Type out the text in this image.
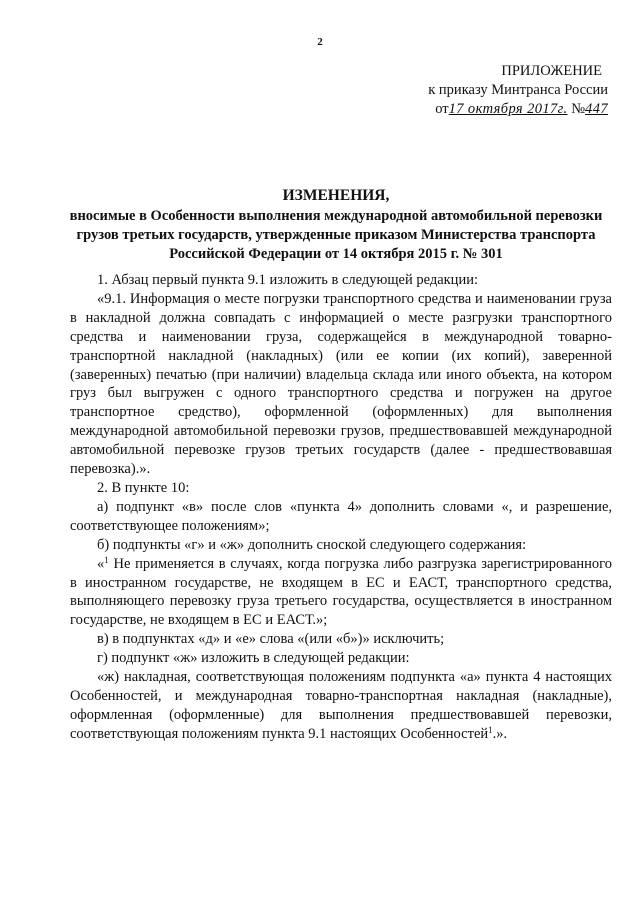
2
ПРИЛОЖЕНИЕ
к приказу Минтранса России
от17 октября 2017г. №447
ИЗМЕНЕНИЯ,
вносимые в Особенности выполнения международной автомобильной перевозки грузов третьих государств, утвержденные приказом Министерства транспорта Российской Федерации от 14 октября 2015 г. № 301

1. Абзац первый пункта 9.1 изложить в следующей редакции:

«9.1. Информация о месте погрузки транспортного средства и наименовании груза в накладной должна совпадать с информацией о месте разгрузки транспортного средства и наименовании груза, содержащейся в международной товарно-транспортной накладной (накладных) (или ее копии (их копий), заверенной (заверенных) печатью (при наличии) владельца склада или иного объекта, на котором груз был выгружен с одного транспортного средства и погружен на другое транспортное средство), оформленной (оформленных) для выполнения международной автомобильной перевозки грузов, предшествовавшей международной автомобильной перевозке грузов третьих государств (далее - предшествовавшая перевозка).».

2. В пункте 10:

а) подпункт «в» после слов «пункта 4» дополнить словами «, и разрешение, соответствующее положениям»;

б) подпункты «г» и «ж» дополнить сноской следующего содержания:

«$^1$ Не применяется в случаях, когда погрузка либо разгрузка зарегистрированного в иностранном государстве, не входящем в ЕС и ЕАСТ, транспортного средства, выполняющего перевозку груза третьего государства, осуществляется в иностранном государстве, не входящем в ЕС и ЕАСТ.»;

в) в подпунктах «д» и «е» слова «(или «б»)» исключить;

г) подпункт «ж» изложить в следующей редакции:

«ж) накладная, соответствующая положениям подпункта «а» пункта 4 настоящих Особенностей, и международная товарно-транспортная накладная (накладные), оформленная (оформленные) для выполнения предшествовавшей перевозки, соответствующая положениям пункта 9.1 настоящих Особенностей$^1$.».
